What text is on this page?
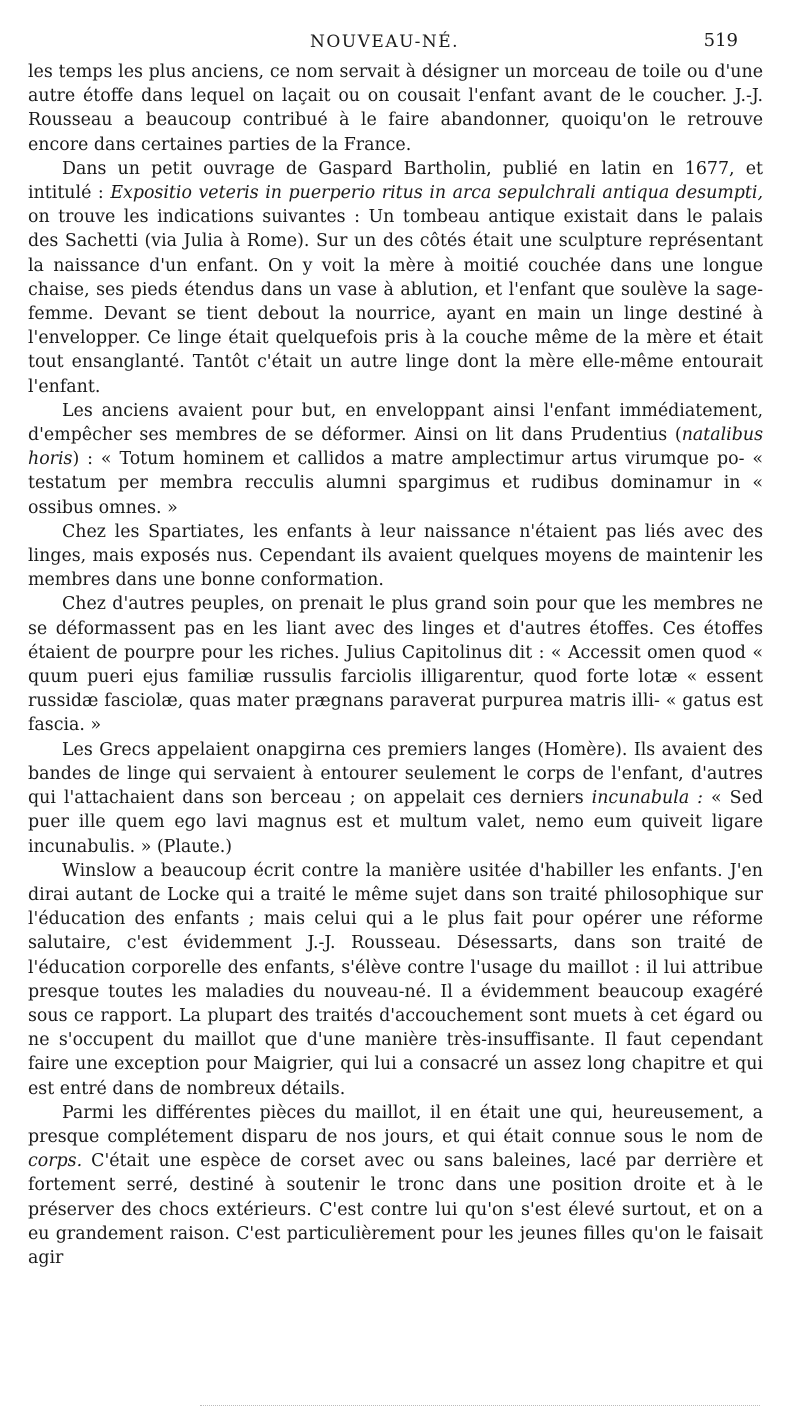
NOUVEAU-NÉ.	519

les temps les plus anciens, ce nom servait à désigner un morceau de toile ou d'une autre étoffe dans lequel on laçait ou on cousait l'enfant avant de le coucher. J.-J. Rousseau a beaucoup contribué à le faire abandonner, quoiqu'on le retrouve encore dans certaines parties de la France.

Dans un petit ouvrage de Gaspard Bartholin, publié en latin en 1677, et intitulé : Expositio veteris in puerperio ritus in arca sepulchrali antiqua desumpti, on trouve les indications suivantes : Un tombeau antique existait dans le palais des Sachetti (via Julia à Rome). Sur un des côtés était une sculpture représentant la naissance d'un enfant. On y voit la mère à moitié couchée dans une longue chaise, ses pieds étendus dans un vase à ablution, et l'enfant que soulève la sage-femme. Devant se tient debout la nourrice, ayant en main un linge destiné à l'envelopper. Ce linge était quelquefois pris à la couche même de la mère et était tout ensanglanté. Tantôt c'était un autre linge dont la mère elle-même entourait l'enfant.

Les anciens avaient pour but, en enveloppant ainsi l'enfant immédiatement, d'empêcher ses membres de se déformer. Ainsi on lit dans Prudentius (natalibus horis) : « Totum hominem et callidos a matre amplectimur artus virumque po- « testatum per membra recculis alumni spargimus et rudibus dominamur in « ossibus omnes. »

Chez les Spartiates, les enfants à leur naissance n'étaient pas liés avec des linges, mais exposés nus. Cependant ils avaient quelques moyens de maintenir les membres dans une bonne conformation.

Chez d'autres peuples, on prenait le plus grand soin pour que les membres ne se déformassent pas en les liant avec des linges et d'autres étoffes. Ces étoffes étaient de pourpre pour les riches. Julius Capitolinus dit : « Accessit omen quod « quum pueri ejus familiæ russulis farciolis illigarentur, quod forte lotæ « essent russidæ fasciolæ, quas mater prægnans paraverat purpurea matris illi- « gatus est fascia. »

Les Grecs appelaient onapgirna ces premiers langes (Homère). Ils avaient des bandes de linge qui servaient à entourer seulement le corps de l'enfant, d'autres qui l'attachaient dans son berceau ; on appelait ces derniers incunabula : « Sed puer ille quem ego lavi magnus est et multum valet, nemo eum quiveit ligare incunabulis. » (Plaute.)

Winslow a beaucoup écrit contre la manière usitée d'habiller les enfants. J'en dirai autant de Locke qui a traité le même sujet dans son traité philosophique sur l'éducation des enfants ; mais celui qui a le plus fait pour opérer une réforme salutaire, c'est évidemment J.-J. Rousseau. Désessarts, dans son traité de l'éducation corporelle des enfants, s'élève contre l'usage du maillot : il lui attribue presque toutes les maladies du nouveau-né. Il a évidemment beaucoup exagéré sous ce rapport. La plupart des traités d'accouchement sont muets à cet égard ou ne s'occupent du maillot que d'une manière très-insuffisante. Il faut cependant faire une exception pour Maigrier, qui lui a consacré un assez long chapitre et qui est entré dans de nombreux détails.

Parmi les différentes pièces du maillot, il en était une qui, heureusement, a presque complétement disparu de nos jours, et qui était connue sous le nom de corps. C'était une espèce de corset avec ou sans baleines, lacé par derrière et fortement serré, destiné à soutenir le tronc dans une position droite et à le préserver des chocs extérieurs. C'est contre lui qu'on s'est élevé surtout, et on a eu grandement raison. C'est particulièrement pour les jeunes filles qu'on le faisait agir
